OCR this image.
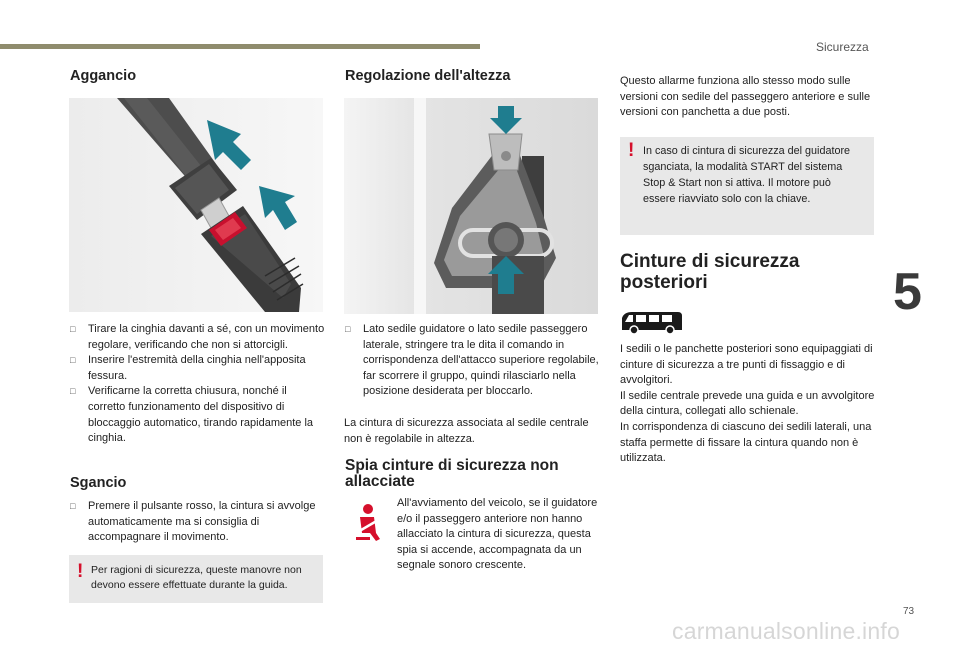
Sicurezza
5
73
carmanualsonline.info
Aggancio
□ Tirare la cinghia davanti a sé, con un movimento regolare, verificando che non si attorcigli.
□ Inserire l'estremità della cinghia nell'apposita fessura.
□ Verificarne la corretta chiusura, nonché il corretto funzionamento del dispositivo di bloccaggio automatico, tirando rapidamente la cinghia.
Sgancio
□ Premere il pulsante rosso, la cintura si avvolge automaticamente ma si consiglia di accompagnare il movimento.
! Per ragioni di sicurezza, queste manovre non devono essere effettuate durante la guida.
Regolazione dell'altezza
□ Lato sedile guidatore o lato sedile passeggero laterale, stringere tra le dita il comando in corrispondenza dell'attacco superiore regolabile, far scorrere il gruppo, quindi rilasciarlo nella posizione desiderata per bloccarlo.

La cintura di sicurezza associata al sedile centrale non è regolabile in altezza.

Spia cinture di sicurezza non allacciate

All'avviamento del veicolo, se il guidatore e/o il passeggero anteriore non hanno allacciato la cintura di sicurezza, questa spia si accende, accompagnata da un segnale sonoro crescente.

Questo allarme funziona allo stesso modo sulle versioni con sedile del passeggero anteriore e sulle versioni con panchetta a due posti.

! In caso di cintura di sicurezza del guidatore sganciata, la modalità START del sistema Stop & Start non si attiva. Il motore può essere riavviato solo con la chiave.
Cinture di sicurezza posteriori

I sedili o le panchette posteriori sono equipaggiati di cinture di sicurezza a tre punti di fissaggio e di avvolgitori.
Il sedile centrale prevede una guida e un avvolgitore della cintura, collegati allo schienale.
In corrispondenza di ciascuno dei sedili laterali, una staffa permette di fissare la cintura quando non è utilizzata.
